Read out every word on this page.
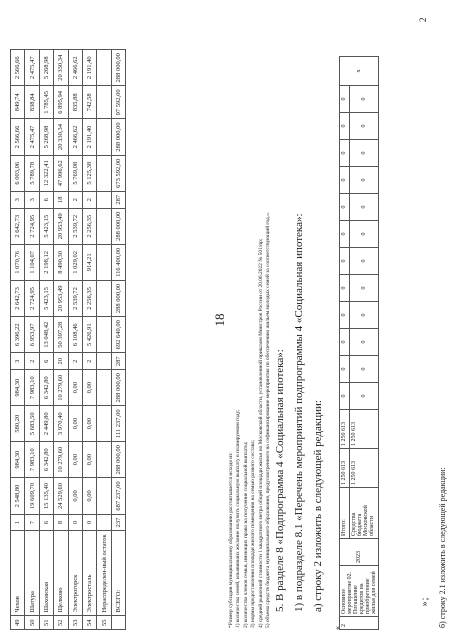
18
2
»;
49	Чехов	1	2 548,80	984,30	580,20	984,30	3	6 396,22	2 642,73	1 070,76	2 642,73	3	6 003,06	2 566,66	849,74	2 566,66
50	Шатура	7	19 609,70	7 983,10	5 683,50	7 983,10	2	6 953,97	2 724,95	1 104,07	2 724,95	3	5 789,78	2 475,47	838,84	2 475,47
51	Шаховская	6	15 135,40	6 342,80	2 449,80	6 342,80	6	13 048,42	5 423,15	2 198,12	5 423,15	6	12 322,41	5 268,98	1 785,45	5 268,98
52	Щелково	8	24 529,60	10 279,60	3 970,40	10 279,60	20	50 397,28	20 953,49	8 490,30	20 953,49	18	47 996,62	20 330,34	6 895,94	20 330,34
53	Электрогорск	0	0,00	0,00	0,00	0,00	2	6 108,46	2 539,72	1 029,02	2 539,72	2	5 769,08	2 466,62	835,88	2 466,62
54	Электросталь	0	0,00	0,00	0,00	0,00	2	5 426,91	2 256,35	914,21	2 256,35	2	5 125,38	2 191,40	742,58	2 191,40
55	Нераспределен-ный остаток															
	ВСЕГО:	237	687 237,00	288 000,00	111 237,00	288 000,00	287	692 640,00	288 000,00	116 400,00	288 000,00	287	673 592,00	288 000,00	97 592,00	288 000,00
*Размер субсидии муниципальному образованию рассчитывается исходя из: 1) количества семей, изъявивших желание получить социальную выплату в планируемом году; 2) количества членов семьи, имеющих право на получение социальной выплаты; 3) нормы предоставления площади жилого помещения на семью разного состава; 4) средней рыночной стоимости 1 квадратного метра общей площади жилья по Московской области, установленной приказом Минстроя России от 20.06.2022 № 501/пр; 5) объема средств бюджета муниципального образования, предусмотренного на софинансирование мероприятия по обеспечению жильем молодых семей за соответствующий год.». 5. В разделе 8 «Подпрограмма 4 «Социальная ипотека»: 1) в подразделе 8.1 «Перечень мероприятий подпрограммы 4 «Социальная ипотека»: а) строку 2 изложить в следующей редакции:
«
2	Основное мероприятие 02. Погашение кредитов на приобретение жилья для семей	2023	Итого:	1 250 613	1 250 613	0	0	0	0	0	0	0	0	0	0	0	0	х
			Средства бюджета Московской области	1 250 613	1 250 613	0	0	0	0	0	0	0	0	0	0	0	0	
б) строку 2.1 изложить в следующей редакции:
